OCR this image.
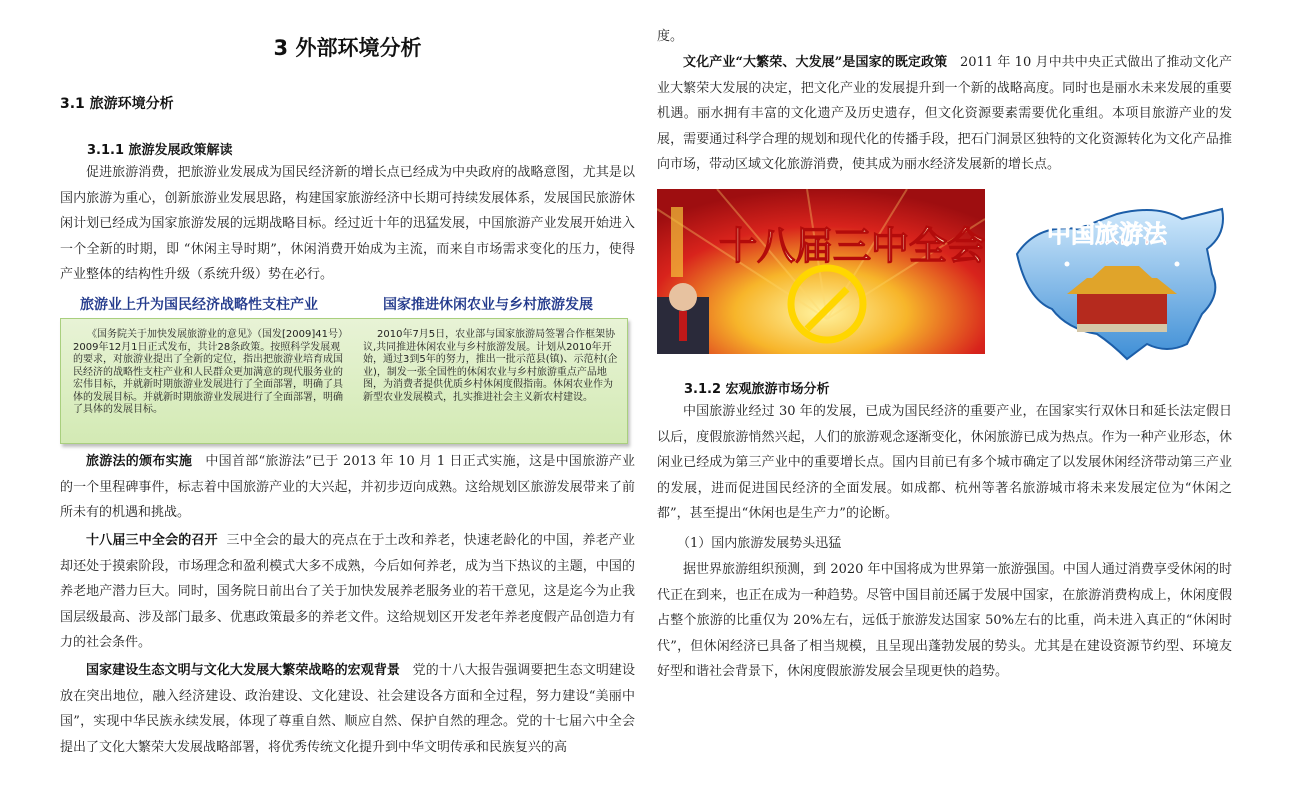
3 外部环境分析
3.1 旅游环境分析
3.1.1 旅游发展政策解读

促进旅游消费，把旅游业发展成为国民经济新的增长点已经成为中央政府的战略意图，尤其是以国内旅游为重心，创新旅游业发展思路，构建国家旅游经济中长期可持续发展体系，发展国民旅游休闲计划已经成为国家旅游发展的远期战略目标。经过近十年的迅猛发展，中国旅游产业发展开始进入一个全新的时期，即 “休闲主导时期”，休闲消费开始成为主流，而来自市场需求变化的压力，使得产业整体的结构性升级（系统升级）势在必行。

旅游业上升为国民经济战略性支柱产业	国家推进休闲农业与乡村旅游发展
《国务院关于加快发展旅游业的意见》（国发[2009]41号）2009年12月1日正式发布，共计28条政策。按照科学发展观的要求，对旅游业提出了全新的定位，指出把旅游业培育成国民经济的战略性支柱产业和人民群众更加满意的现代服务业的宏伟目标，并就新时期旅游业发展进行了全面部署，明确了具体的发展目标。并就新时期旅游业发展进行了全面部署，明确了具体的发展目标。
2010年7月5日，农业部与国家旅游局签署合作框架协议,共同推进休闲农业与乡村旅游发展。计划从2010年开始，通过3到5年的努力，推出一批示范县(镇)、示范村(企业)，制发一张全国性的休闲农业与乡村旅游重点产品地图，为消费者提供优质乡村休闲度假指南。休闲农业作为新型农业发展模式，扎实推进社会主义新农村建设。

旅游法的颁布实施 中国首部“旅游法”已于 2013 年 10 月 1 日正式实施，这是中国旅游产业的一个里程碑事件，标志着中国旅游产业的大兴起，并初步迈向成熟。这给规划区旅游发展带来了前所未有的机遇和挑战。

十八届三中全会的召开 三中全会的最大的亮点在于土改和养老，快速老龄化的中国，养老产业却还处于摸索阶段，市场理念和盈利模式大多不成熟，今后如何养老，成为当下热议的主题，中国的养老地产潜力巨大。同时，国务院日前出台了关于加快发展养老服务业的若干意见，这是迄今为止我国层级最高、涉及部门最多、优惠政策最多的养老文件。这给规划区开发老年养老度假产品创造力有力的社会条件。

国家建设生态文明与文化大发展大繁荣战略的宏观背景 党的十八大报告强调要把生态文明建设放在突出地位，融入经济建设、政治建设、文化建设、社会建设各方面和全过程，努力建设“美丽中国”，实现中华民族永续发展，体现了尊重自然、顺应自然、保护自然的理念。党的十七届六中全会提出了文化大繁荣大发展战略部署，将优秀传统文化提升到中华文明传承和民族复兴的高

度。

文化产业“大繁荣、大发展”是国家的既定政策 2011 年 10 月中共中央正式做出了推动文化产业大繁荣大发展的决定，把文化产业的发展提升到一个新的战略高度。同时也是丽水未来发展的重要机遇。丽水拥有丰富的文化遗产及历史遗存，但文化资源要素需要优化重组。本项目旅游产业的发展，需要通过科学合理的规划和现代化的传播手段，把石门洞景区独特的文化资源转化为文化产品推向市场，带动区域文化旅游消费，使其成为丽水经济发展新的增长点。

十八届三中全会	中国旅游法
3.1.2 宏观旅游市场分析

中国旅游业经过 30 年的发展，已成为国民经济的重要产业，在国家实行双休日和延长法定假日以后，度假旅游悄然兴起，人们的旅游观念逐渐变化，休闲旅游已成为热点。作为一种产业形态，休闲业已经成为第三产业中的重要增长点。国内目前已有多个城市确定了以发展休闲经济带动第三产业的发展，进而促进国民经济的全面发展。如成都、杭州等著名旅游城市将未来发展定位为“休闲之都”，甚至提出“休闲也是生产力”的论断。

（1）国内旅游发展势头迅猛

据世界旅游组织预测，到 2020 年中国将成为世界第一旅游强国。中国人通过消费享受休闲的时代正在到来，也正在成为一种趋势。尽管中国目前还属于发展中国家，在旅游消费构成上，休闲度假占整个旅游的比重仅为 20%左右，远低于旅游发达国家 50%左右的比重，尚未进入真正的“休闲时代”，但休闲经济已具备了相当规模，且呈现出蓬勃发展的势头。尤其是在建设资源节约型、环境友好型和谐社会背景下，休闲度假旅游发展会呈现更快的趋势。
